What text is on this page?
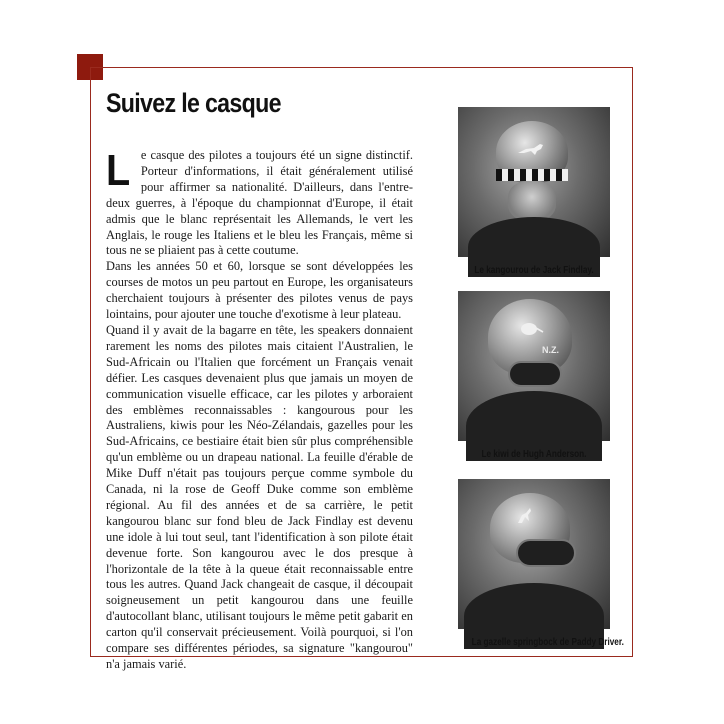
Suivez le casque
L e casque des pilotes a toujours été un signe distinctif. Porteur d'informations, il était généralement utilisé pour affirmer sa nationalité. D'ailleurs, dans l'entre-deux guerres, à l'époque du championnat d'Europe, il était admis que le blanc représentait les Allemands, le vert les Anglais, le rouge les Italiens et le bleu les Français, même si tous ne se pliaient pas à cette coutume.

Dans les années 50 et 60, lorsque se sont développées les courses de motos un peu partout en Europe, les organisateurs cherchaient toujours à présenter des pilotes venus de pays lointains, pour ajouter une touche d'exotisme à leur plateau.

Quand il y avait de la bagarre en tête, les speakers donnaient rarement les noms des pilotes mais citaient l'Australien, le Sud-Africain ou l'Italien que forcément un Français venait défier. Les casques devenaient plus que jamais un moyen de communication visuelle efficace, car les pilotes y arboraient des emblèmes reconnaissables : kangourous pour les Australiens, kiwis pour les Néo-Zélandais, gazelles pour les Sud-Africains, ce bestiaire était bien sûr plus compréhensible qu'un emblème ou un drapeau national. La feuille d'érable de Mike Duff n'était pas toujours perçue comme symbole du Canada, ni la rose de Geoff Duke comme son emblème régional. Au fil des années et de sa carrière, le petit kangourou blanc sur fond bleu de Jack Findlay est devenu une idole à lui tout seul, tant l'identification à son pilote était devenue forte. Son kangourou avec le dos presque à l'horizontale de la tête à la queue était reconnaissable entre tous les autres. Quand Jack changeait de casque, il découpait soigneusement un petit kangourou dans une feuille d'autocollant blanc, utilisant toujours le même petit gabarit en carton qu'il conservait précieusement. Voilà pourquoi, si l'on compare ses différentes périodes, sa signature "kangourou" n'a jamais varié.

Le kangourou de Jack Findlay.
N.Z.
Le kiwi de Hugh Anderson.
La gazelle springbock de Paddy Driver.
